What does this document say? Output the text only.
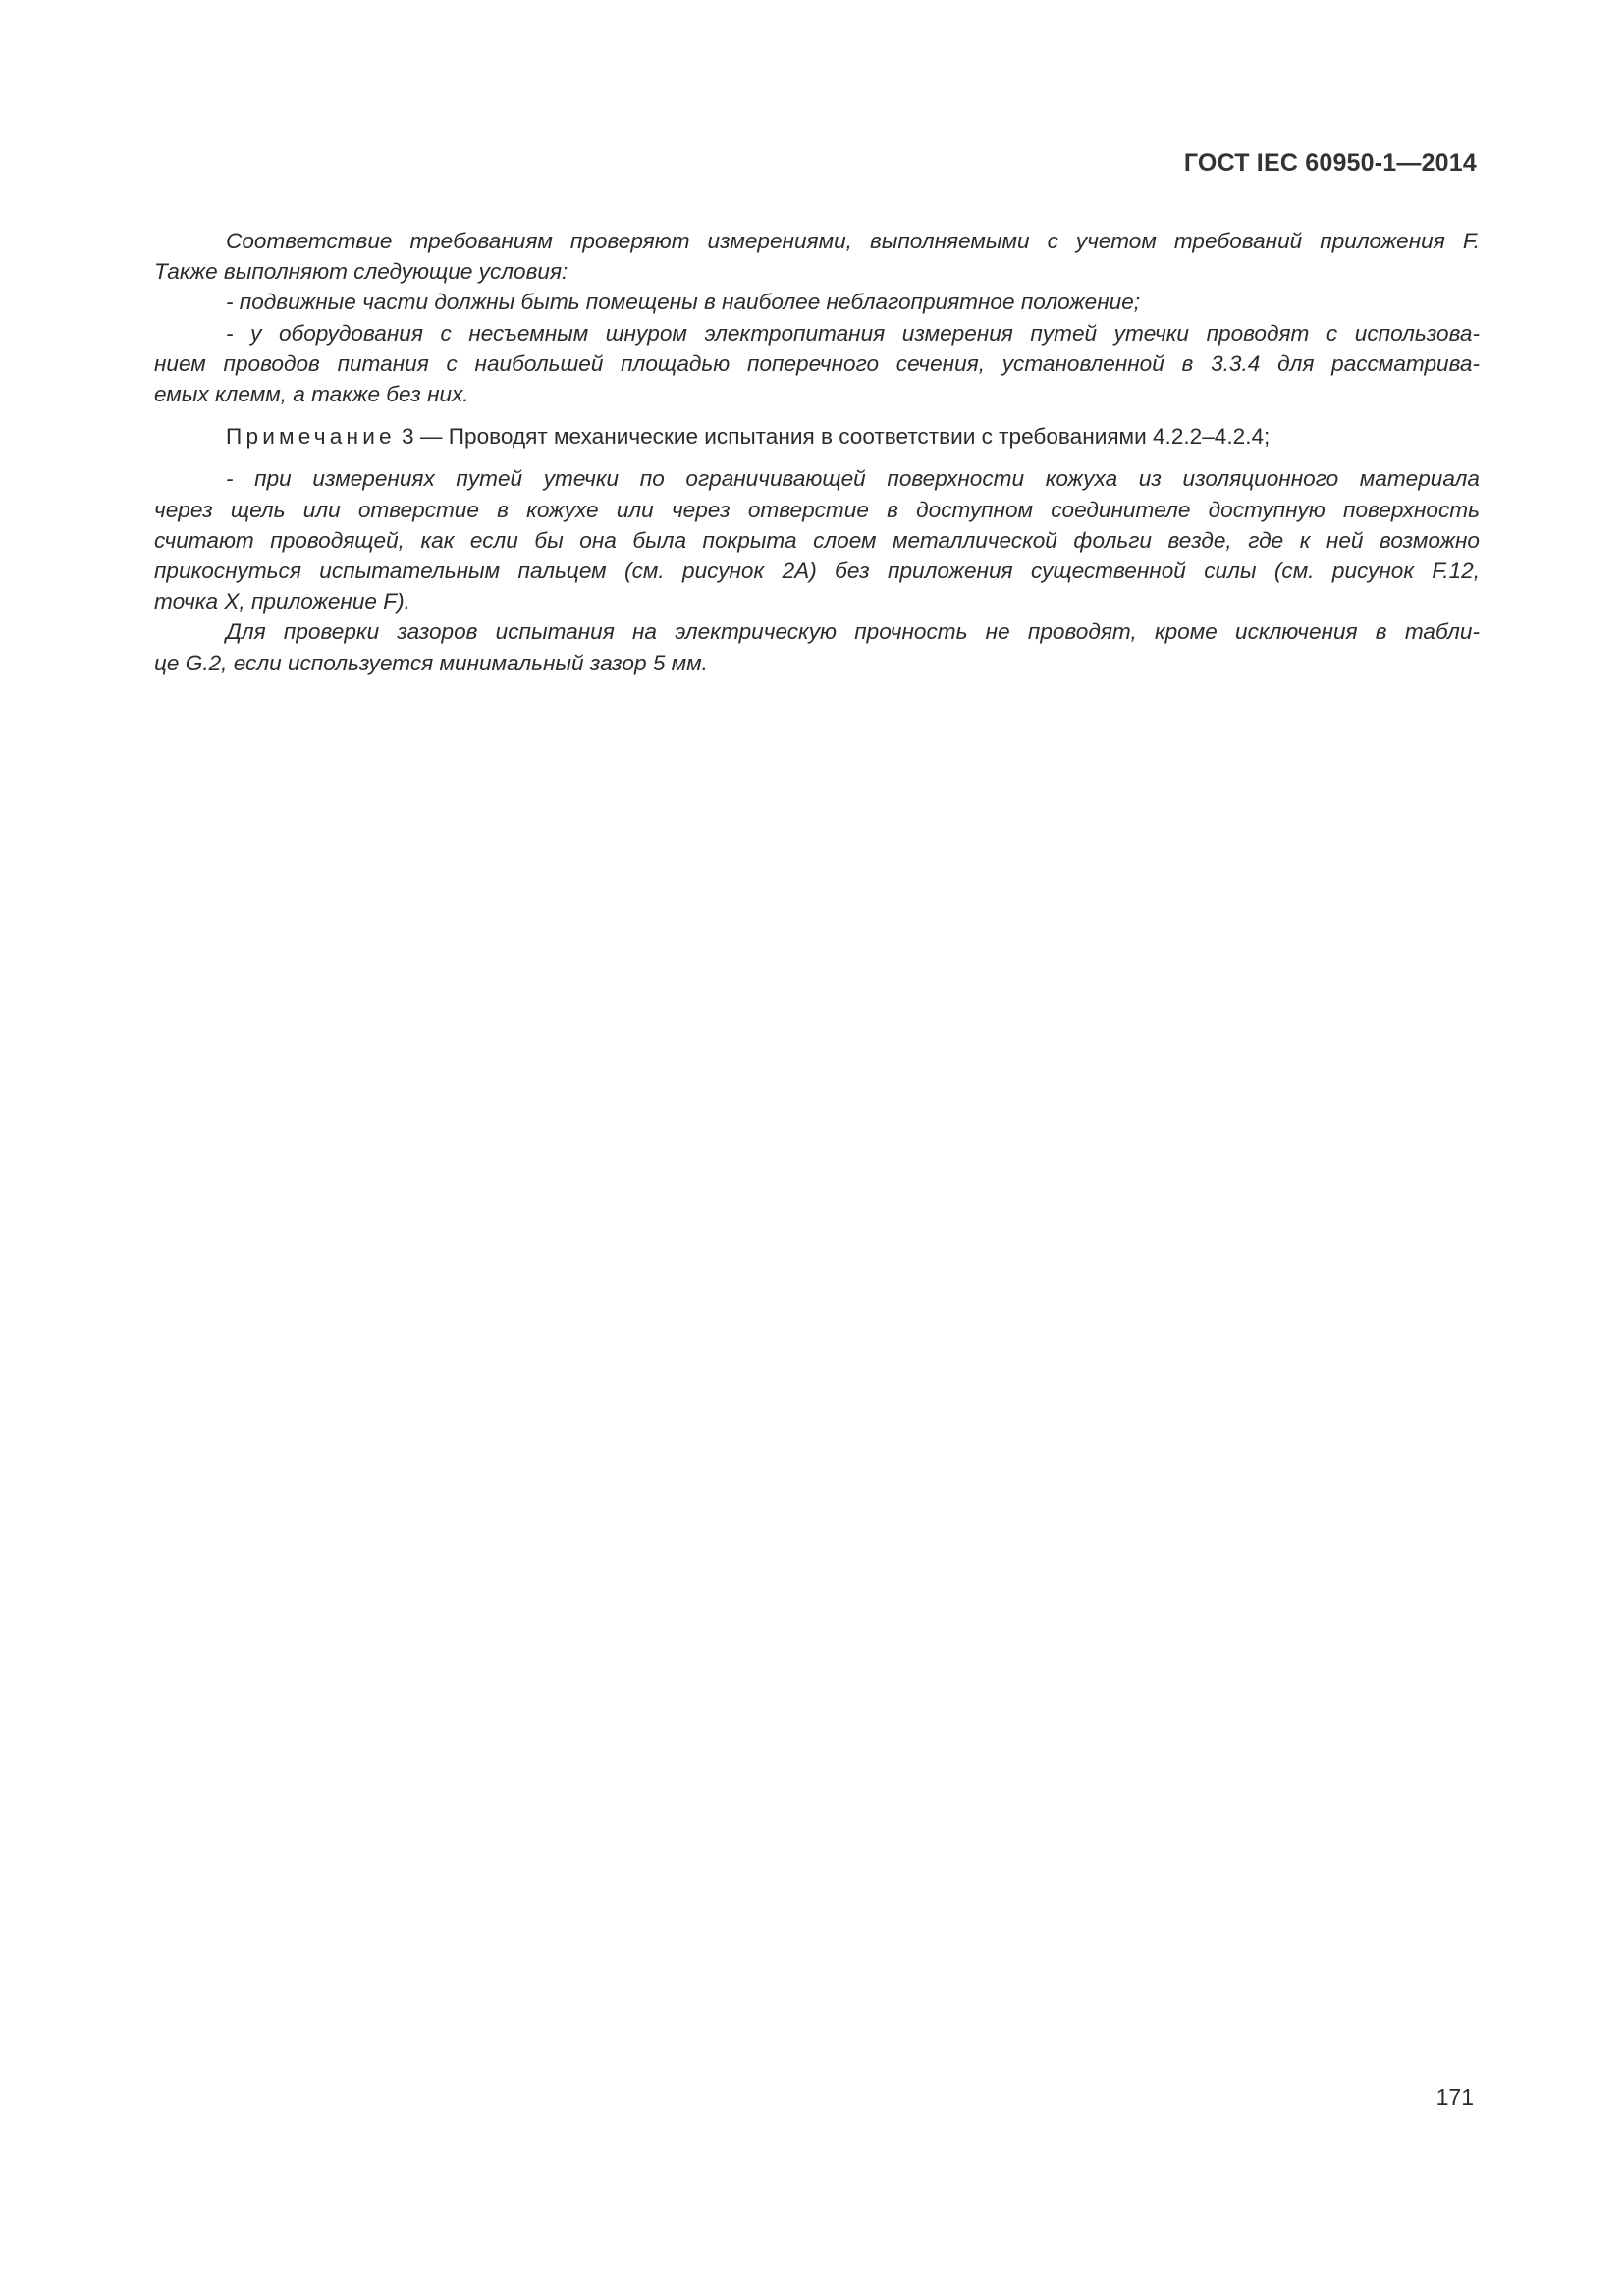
ГОСТ IEC 60950-1—2014

Соответствие требованиям проверяют измерениями, выполняемыми с учетом требований приложения F.
Также выполняют следующие условия:

- подвижные части должны быть помещены в наиболее неблагоприятное положение;

- у оборудования с несъемным шнуром электропитания измерения путей утечки проводят с использова-
нием проводов питания с наибольшей площадью поперечного сечения, установленной в 3.3.4 для рассматрива-
емых клемм, а также без них.

Примечание 3 — Проводят механические испытания в соответствии с требованиями 4.2.2–4.2.4;

- при измерениях путей утечки по ограничивающей поверхности кожуха из изоляционного материала
через щель или отверстие в кожухе или через отверстие в доступном соединителе доступную поверхность
считают проводящей, как если бы она была покрыта слоем металлической фольги везде, где к ней возможно
прикоснуться испытательным пальцем (см. рисунок 2А) без приложения существенной силы (см. рисунок F.12,
точка Х, приложение F).

Для проверки зазоров испытания на электрическую прочность не проводят, кроме исключения в табли-
це G.2, если используется минимальный зазор 5 мм.

171
